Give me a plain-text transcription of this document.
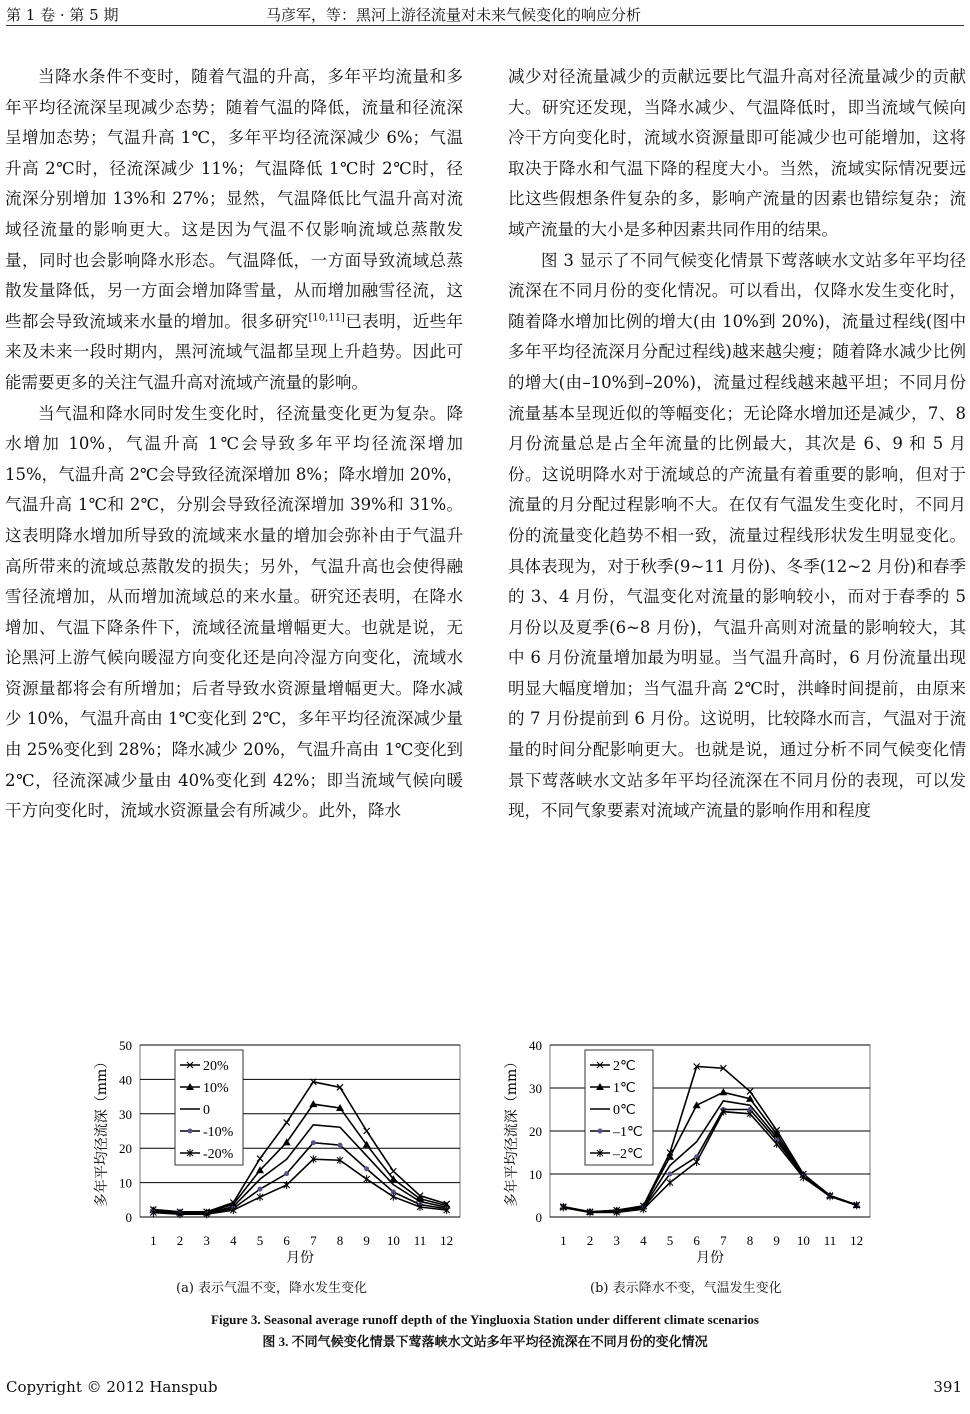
第 1 卷 · 第 5 期	马彦军，等：黑河上游径流量对未来气候变化的响应分析

当降水条件不变时，随着气温的升高，多年平均流量和多年平均径流深呈现减少态势；随着气温的降低，流量和径流深呈增加态势；气温升高 1℃，多年平均径流深减少 6%；气温升高 2℃时，径流深减少 11%；气温降低 1℃时 2℃时，径流深分别增加 13%和 27%；显然，气温降低比气温升高对流域径流量的影响更大。这是因为气温不仅影响流域总蒸散发量，同时也会影响降水形态。气温降低，一方面导致流域总蒸散发量降低，另一方面会增加降雪量，从而增加融雪径流，这些都会导致流域来水量的增加。很多研究[10,11]已表明，近些年来及未来一段时期内，黑河流域气温都呈现上升趋势。因此可能需要更多的关注气温升高对流域产流量的影响。

当气温和降水同时发生变化时，径流量变化更为复杂。降水增加 10%，气温升高 1℃会导致多年平均径流深增加 15%，气温升高 2℃会导致径流深增加 8%；降水增加 20%，气温升高 1℃和 2℃，分别会导致径流深增加 39%和 31%。这表明降水增加所导致的流域来水量的增加会弥补由于气温升高所带来的流域总蒸散发的损失；另外，气温升高也会使得融雪径流增加，从而增加流域总的来水量。研究还表明，在降水增加、气温下降条件下，流域径流量增幅更大。也就是说，无论黑河上游气候向暖湿方向变化还是向冷湿方向变化，流域水资源量都将会有所增加；后者导致水资源量增幅更大。降水减少 10%，气温升高由 1℃变化到 2℃，多年平均径流深减少量由 25%变化到 28%；降水减少 20%，气温升高由 1℃变化到 2℃，径流深减少量由 40%变化到 42%；即当流域气候向暖干方向变化时，流域水资源量会有所减少。此外，降水

减少对径流量减少的贡献远要比气温升高对径流量减少的贡献大。研究还发现，当降水减少、气温降低时，即当流域气候向冷干方向变化时，流域水资源量即可能减少也可能增加，这将取决于降水和气温下降的程度大小。当然，流域实际情况要远比这些假想条件复杂的多，影响产流量的因素也错综复杂；流域产流量的大小是多种因素共同作用的结果。

图 3 显示了不同气候变化情景下莺落峡水文站多年平均径流深在不同月份的变化情况。可以看出，仅降水发生变化时，随着降水增加比例的增大(由 10%到 20%)，流量过程线(图中多年平均径流深月分配过程线)越来越尖瘦；随着降水减少比例的增大(由–10%到–20%)，流量过程线越来越平坦；不同月份流量基本呈现近似的等幅变化；无论降水增加还是减少，7、8 月份流量总是占全年流量的比例最大，其次是 6、9 和 5 月份。这说明降水对于流域总的产流量有着重要的影响，但对于流量的月分配过程影响不大。在仅有气温发生变化时，不同月份的流量变化趋势不相一致，流量过程线形状发生明显变化。具体表现为，对于秋季(9~11 月份)、冬季(12~2 月份)和春季的 3、4 月份，气温变化对流量的影响较小，而对于春季的 5 月份以及夏季(6~8 月份)，气温升高则对流量的影响较大，其中 6 月份流量增加最为明显。当气温升高时，6 月份流量出现明显大幅度增加；当气温升高 2℃时，洪峰时间提前，由原来的 7 月份提前到 6 月份。这说明，比较降水而言，气温对于流量的时间分配影响更大。也就是说，通过分析不同气候变化情景下莺落峡水文站多年平均径流深在不同月份的表现，可以发现，不同气象要素对流域产流量的影响作用和程度

0
10
20
30
40
50
1 2 3 4 5 6 7 8 9 10 11 12
月份
多年平均径流深（mm）	20%
10%
0
-10%
-20%
0
10
20
30
40
1 2 3 4 5 6 7 8 9 10 11 12
月份
多年平均径流深（mm）	2℃
1℃
0℃
–1℃
–2℃
(a) 表示气温不变，降水发生变化	(b) 表示降水不变，气温发生变化
Figure 3. Seasonal average runoff depth of the Yingluoxia Station under different climate scenarios
图 3. 不同气候变化情景下莺落峡水文站多年平均径流深在不同月份的变化情况
Copyright © 2012 Hanspub	391
